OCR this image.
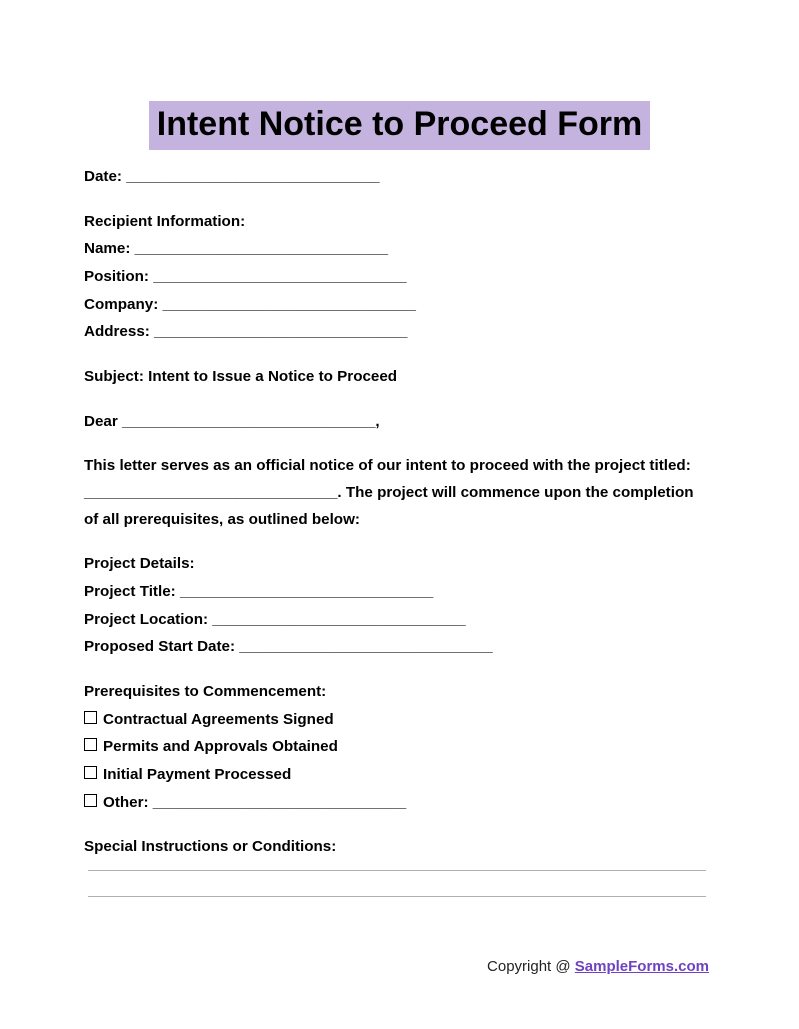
Intent Notice to Proceed Form

Date: ______________________________

Recipient Information:
Name: ______________________________
Position: ______________________________
Company: ______________________________
Address: ______________________________

Subject: Intent to Issue a Notice to Proceed

Dear ______________________________,

This letter serves as an official notice of our intent to proceed with the project titled: ______________________________. The project will commence upon the completion of all prerequisites, as outlined below:

Project Details:
Project Title: ______________________________
Project Location: ______________________________
Proposed Start Date: ______________________________

Prerequisites to Commencement:

Contractual Agreements Signed
Permits and Approvals Obtained
Initial Payment Processed
Other: ______________________________

Special Instructions or Conditions:

Copyright @ SampleForms.com
